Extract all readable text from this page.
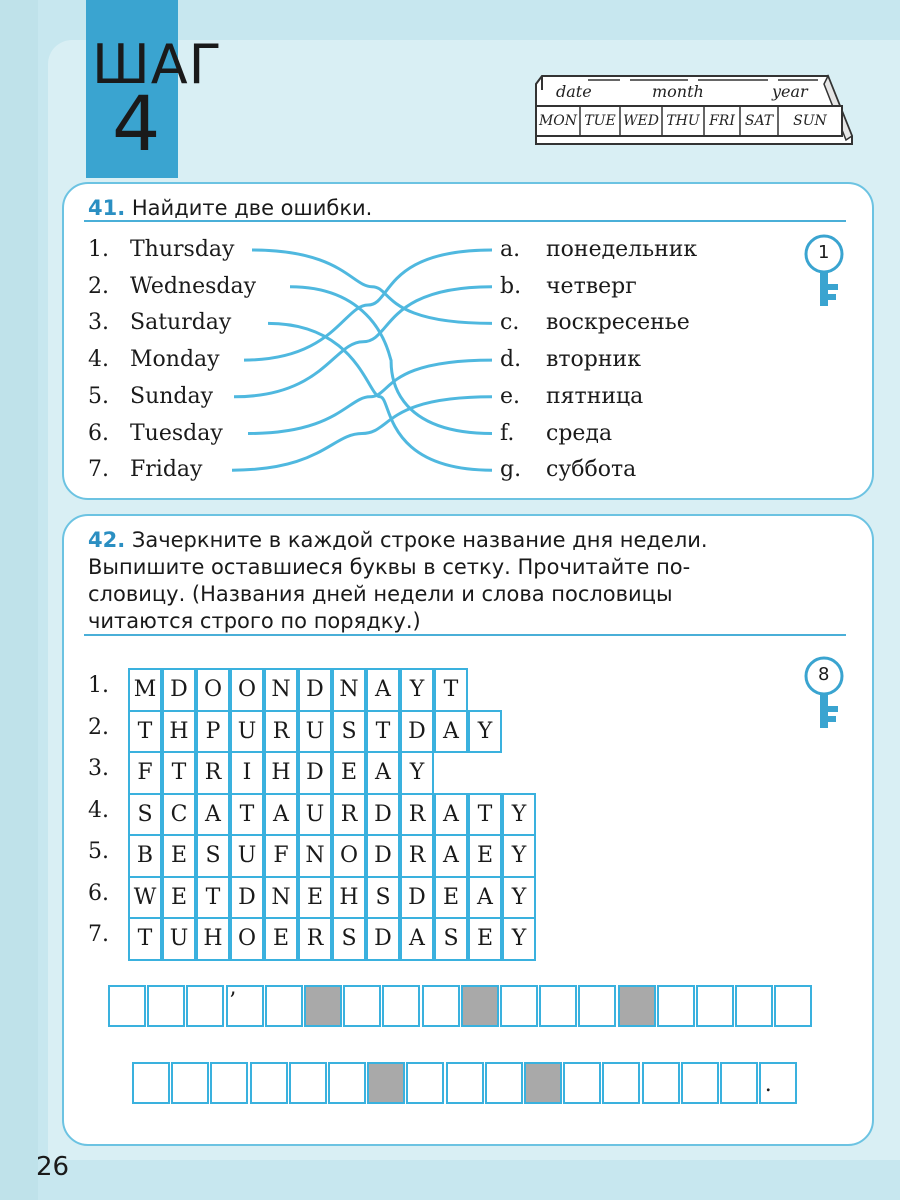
ШАГ
4	date	month	year
MON TUE WED THU FRI SAT	SUN
41. Найдите две ошибки.
1. Thursday
2. Wednesday
3. Saturday
4. Monday
5. Sunday
6. Tuesday
7. Friday
a. понедельник
b. четверг
c. воскресенье
d. вторник
e. пятница
f. среда
g. суббота
1
42. Зачеркните в каждой строке название дня недели.
Выпишите оставшиеся буквы в сетку. Прочитайте по-
словицу. (Названия дней недели и слова пословицы
читаются строго по порядку.)
8
1. M D O O N D N A Y T
2.	T H P U R U S T D A Y
3.	F T R I H D E A Y
4.	S C A T A U R D R A T Y
5.	B E S U F N O D R A E Y
6. W E T D N E H S D E A Y
7.	T U H O E R S D A S E Y
’
.
26
